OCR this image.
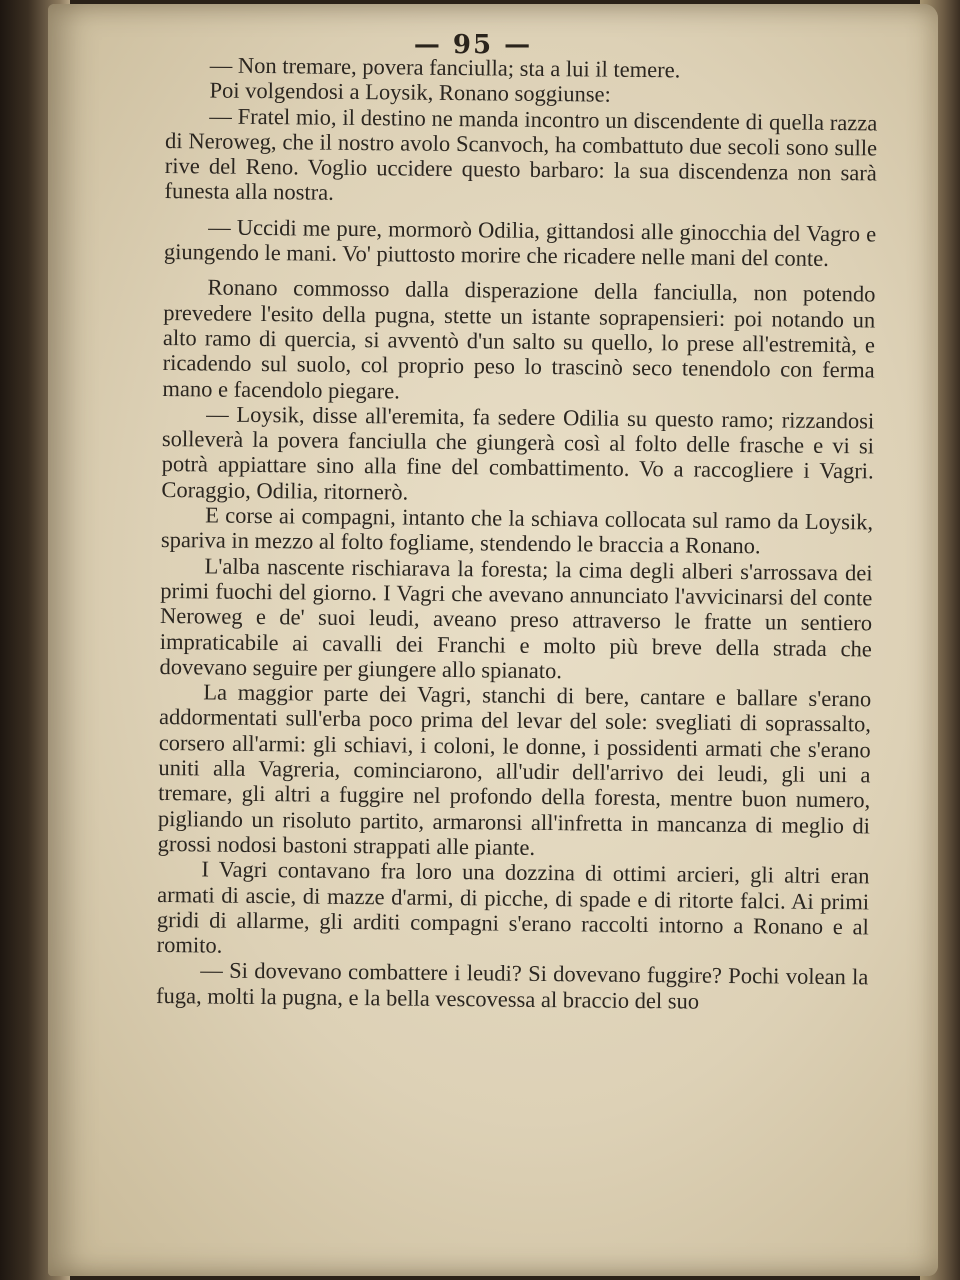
— 95 —

— Non tremare, povera fanciulla; sta a lui il temere.

Poi volgendosi a Loysik, Ronano soggiunse:

— Fratel mio, il destino ne manda incontro un discendente di quella razza di Neroweg, che il nostro avolo Scanvoch, ha combattuto due secoli sono sulle rive del Reno. Voglio uccidere questo barbaro: la sua discendenza non sarà funesta alla nostra.

— Uccidi me pure, mormorò Odilia, gittandosi alle ginocchia del Vagro e giungendo le mani. Vo' piuttosto morire che ricadere nelle mani del conte.

Ronano commosso dalla disperazione della fanciulla, non potendo prevedere l'esito della pugna, stette un istante soprapensieri: poi notando un alto ramo di quercia, si avventò d'un salto su quello, lo prese all'estremità, e ricadendo sul suolo, col proprio peso lo trascinò seco tenendolo con ferma mano e facendolo piegare.

— Loysik, disse all'eremita, fa sedere Odilia su questo ramo; rizzandosi solleverà la povera fanciulla che giungerà così al folto delle frasche e vi si potrà appiattare sino alla fine del combattimento. Vo a raccogliere i Vagri. Coraggio, Odilia, ritornerò.

E corse ai compagni, intanto che la schiava collocata sul ramo da Loysik, spariva in mezzo al folto fogliame, stendendo le braccia a Ronano.

L'alba nascente rischiarava la foresta; la cima degli alberi s'arrossava dei primi fuochi del giorno. I Vagri che avevano annunciato l'avvicinarsi del conte Neroweg e de' suoi leudi, aveano preso attraverso le fratte un sentiero impraticabile ai cavalli dei Franchi e molto più breve della strada che dovevano seguire per giungere allo spianato.

La maggior parte dei Vagri, stanchi di bere, cantare e ballare s'erano addormentati sull'erba poco prima del levar del sole: svegliati di soprassalto, corsero all'armi: gli schiavi, i coloni, le donne, i possidenti armati che s'erano uniti alla Vagreria, cominciarono, all'udir dell'arrivo dei leudi, gli uni a tremare, gli altri a fuggire nel profondo della foresta, mentre buon numero, pigliando un risoluto partito, armaronsi all'infretta in mancanza di meglio di grossi nodosi bastoni strappati alle piante.

I Vagri contavano fra loro una dozzina di ottimi arcieri, gli altri eran armati di ascie, di mazze d'armi, di picche, di spade e di ritorte falci. Ai primi gridi di allarme, gli arditi compagni s'erano raccolti intorno a Ronano e al romito.

— Si dovevano combattere i leudi? Si dovevano fuggire? Pochi volean la fuga, molti la pugna, e la bella vescovessa al braccio del suo
